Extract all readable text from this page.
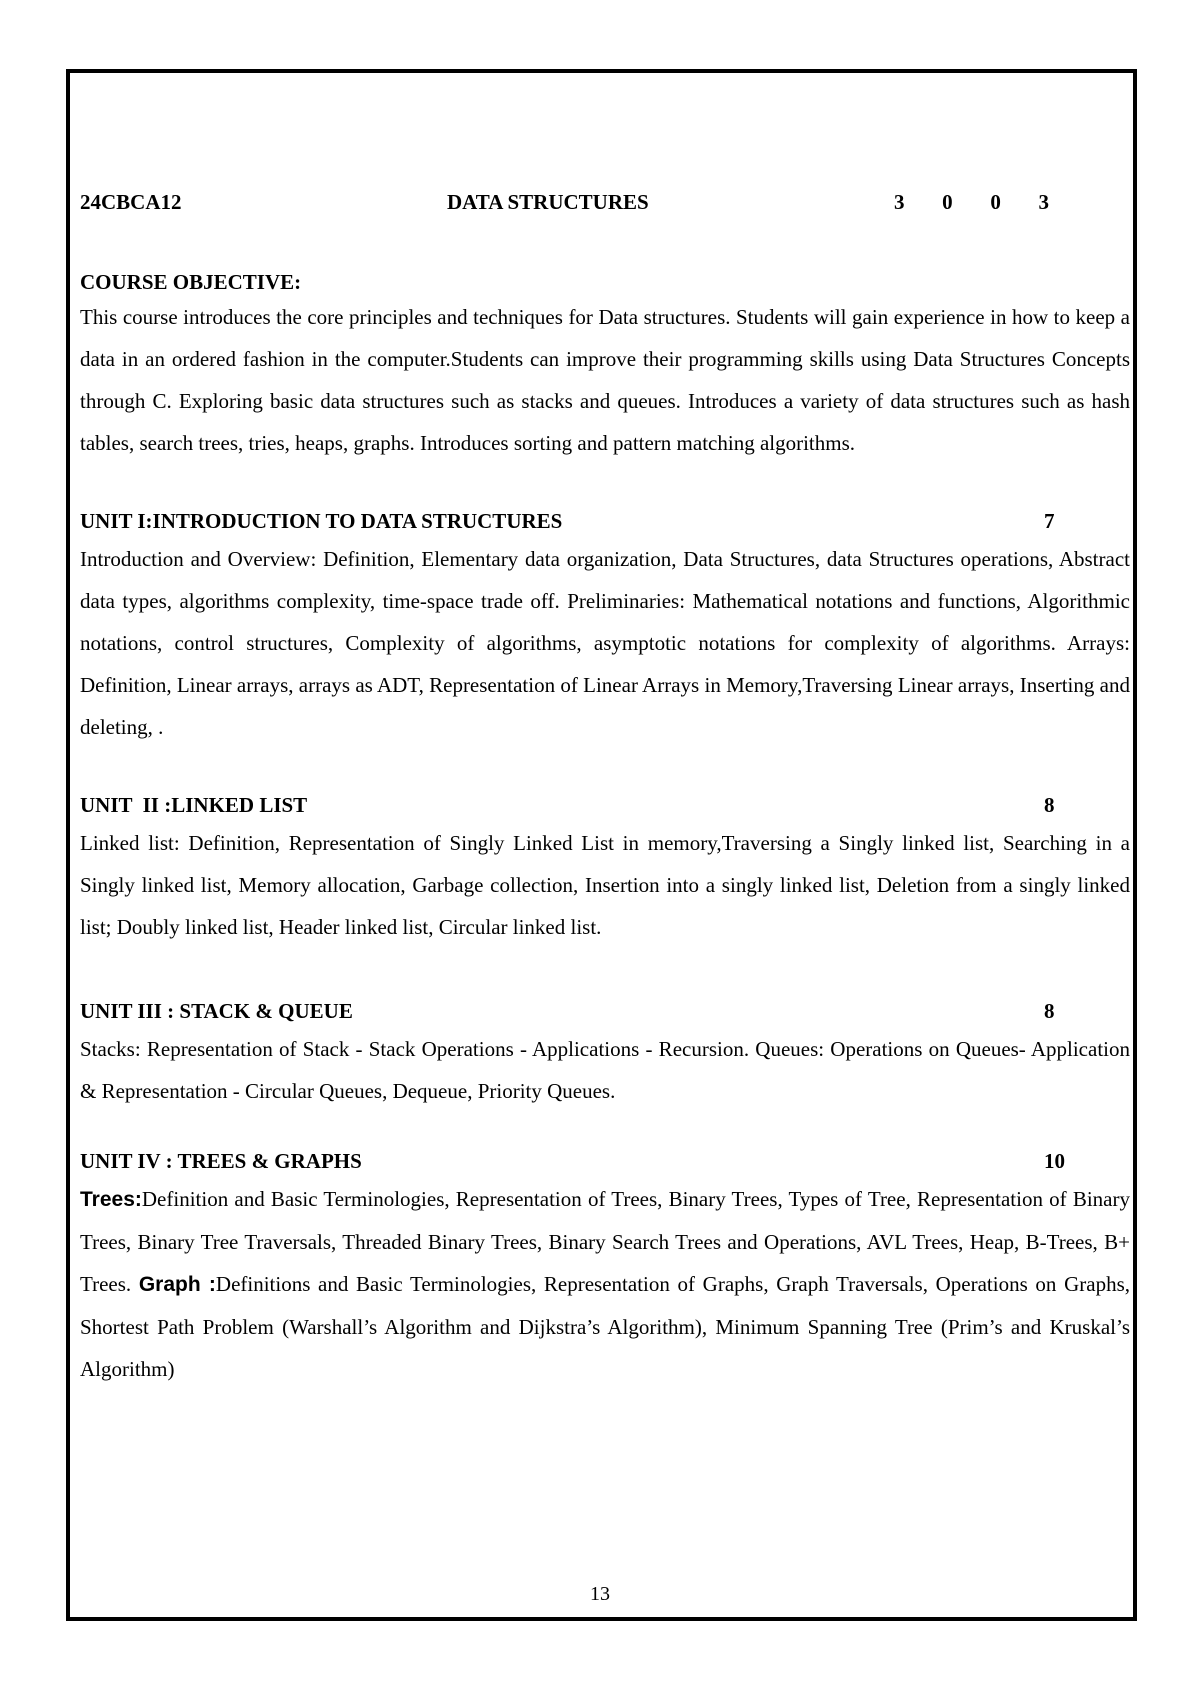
24CBCA12	DATA STRUCTURES	3 0 0 3
COURSE OBJECTIVE:

This course introduces the core principles and techniques for Data structures. Students will gain experience in how to keep a data in an ordered fashion in the computer.Students can improve their programming skills using Data Structures Concepts through C. Exploring basic data structures such as stacks and queues. Introduces a variety of data structures such as hash tables, search trees, tries, heaps, graphs. Introduces sorting and pattern matching algorithms.

UNIT I:INTRODUCTION TO DATA STRUCTURES	7

Introduction and Overview: Definition, Elementary data organization, Data Structures, data Structures operations, Abstract data types, algorithms complexity, time-space trade off. Preliminaries: Mathematical notations and functions, Algorithmic notations, control structures, Complexity of algorithms, asymptotic notations for complexity of algorithms. Arrays: Definition, Linear arrays, arrays as ADT, Representation of Linear Arrays in Memory,Traversing Linear arrays, Inserting and deleting, .

UNIT  II :LINKED LIST	8

Linked list: Definition, Representation of Singly Linked List in memory,Traversing a Singly linked list, Searching in a Singly linked list, Memory allocation, Garbage collection, Insertion into a singly linked list, Deletion from a singly linked list; Doubly linked list, Header linked list, Circular linked list.

UNIT III : STACK & QUEUE	8

Stacks: Representation of Stack - Stack Operations - Applications - Recursion. Queues: Operations on Queues- Application & Representation - Circular Queues, Dequeue, Priority Queues.

UNIT IV : TREES & GRAPHS	10

Trees:Definition and Basic Terminologies, Representation of Trees, Binary Trees, Types of Tree, Representation of Binary Trees, Binary Tree Traversals, Threaded Binary Trees, Binary Search Trees and Operations, AVL Trees, Heap, B-Trees, B+ Trees. Graph :Definitions and Basic Terminologies, Representation of Graphs, Graph Traversals, Operations on Graphs, Shortest Path Problem (Warshall’s Algorithm and Dijkstra’s Algorithm), Minimum Spanning Tree (Prim’s and Kruskal’s Algorithm)

13
